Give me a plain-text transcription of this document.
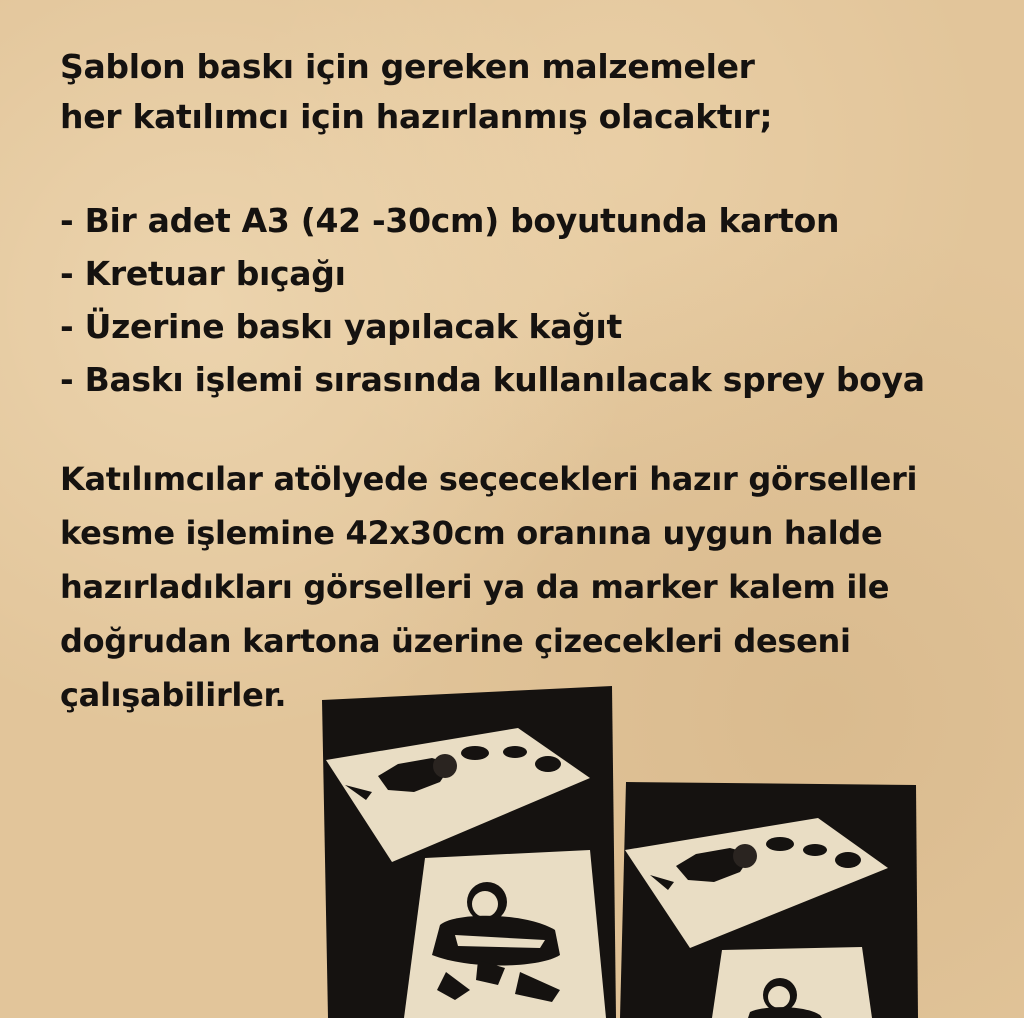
Şablon baskı için gereken malzemeler
her katılımcı için hazırlanmış olacaktır;
- Bir adet A3 (42 -30cm) boyutunda karton
- Kretuar bıçağı
- Üzerine baskı yapılacak kağıt
- Baskı işlemi sırasında kullanılacak sprey boya
Katılımcılar atölyede seçecekleri hazır görselleri
kesme işlemine 42x30cm oranına uygun halde
hazırladıkları görselleri ya da marker kalem ile
doğrudan kartona üzerine çizecekleri deseni
çalışabilirler.
